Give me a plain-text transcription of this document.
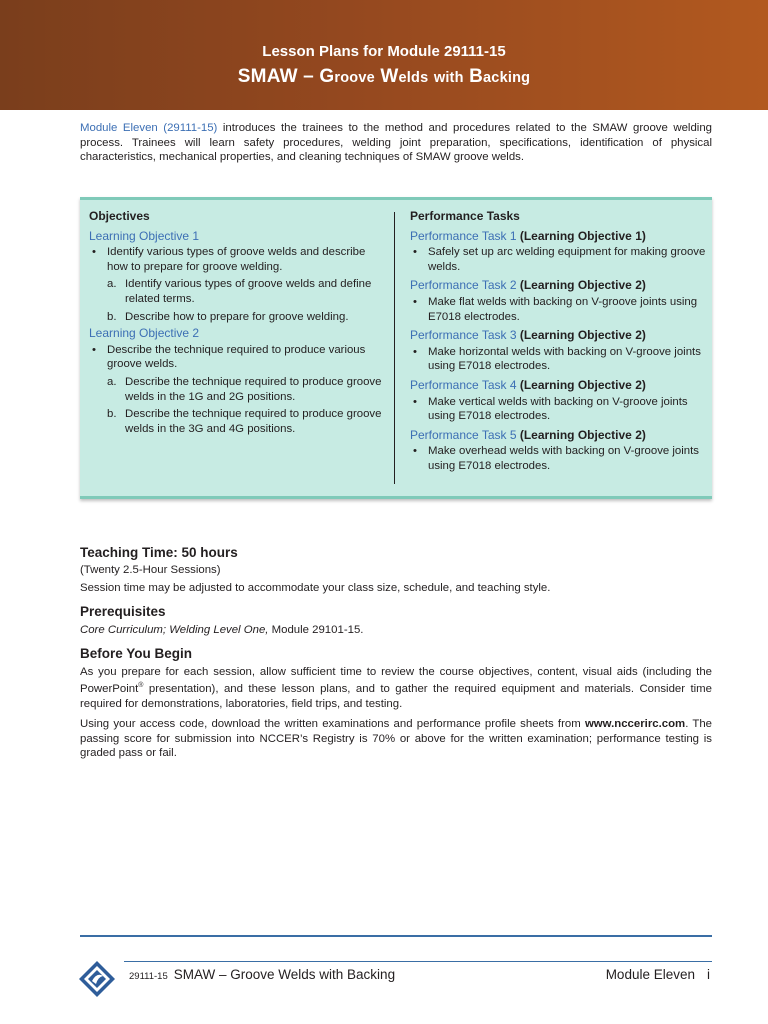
Lesson Plans for Module 29111-15
SMAW – Groove Welds with Backing
Module Eleven (29111-15) introduces the trainees to the method and procedures related to the SMAW groove welding process. Trainees will learn safety procedures, welding joint preparation, specifications, identification of physical characteristics, mechanical properties, and cleaning techniques of SMAW groove welds.
Objectives
Learning Objective 1
• Identify various types of groove welds and describe how to prepare for groove welding.
a. Identify various types of groove welds and define related terms.
b. Describe how to prepare for groove welding.
Learning Objective 2
• Describe the technique required to produce various groove welds.
a. Describe the technique required to produce groove welds in the 1G and 2G positions.
b. Describe the technique required to produce groove welds in the 3G and 4G positions.
Performance Tasks
Performance Task 1 (Learning Objective 1)
• Safely set up arc welding equipment for making groove welds.
Performance Task 2 (Learning Objective 2)
• Make flat welds with backing on V-groove joints using E7018 electrodes.
Performance Task 3 (Learning Objective 2)
• Make horizontal welds with backing on V-groove joints using E7018 electrodes.
Performance Task 4 (Learning Objective 2)
• Make vertical welds with backing on V-groove joints using E7018 electrodes.
Performance Task 5 (Learning Objective 2)
• Make overhead welds with backing on V-groove joints using E7018 electrodes.
Teaching Time: 50 hours
(Twenty 2.5-Hour Sessions)
Session time may be adjusted to accommodate your class size, schedule, and teaching style.
Prerequisites
Core Curriculum; Welding Level One, Module 29101-15.
Before You Begin
As you prepare for each session, allow sufficient time to review the course objectives, content, visual aids (including the PowerPoint® presentation), and these lesson plans, and to gather the required equipment and materials. Consider time required for demonstrations, laboratories, field trips, and testing.
Using your access code, download the written examinations and performance profile sheets from www.nccerirc.com. The passing score for submission into NCCER’s Registry is 70% or above for the written examination; performance testing is graded pass or fail.
29111-15 SMAW – Groove Welds with Backing	Module Eleven i
